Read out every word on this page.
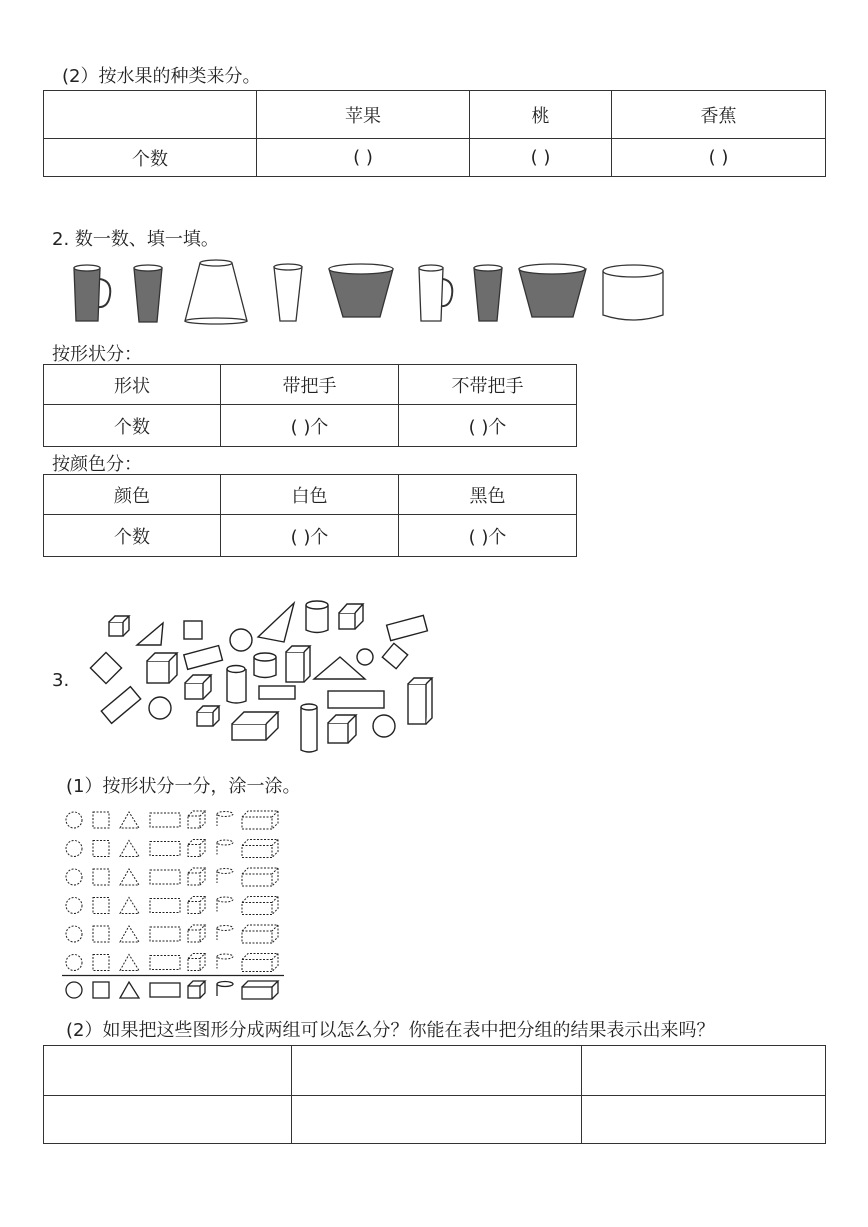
(2）按水果的种类来分。
	苹果	桃	香蕉
个数	( )	( )	( )
2. 数一数、填一填。
按形状分：
形状	带把手	不带把手
个数	( )个	( )个
按颜色分：
颜色	白色	黑色
个数	( )个	( )个
3.
(1）按形状分一分，涂一涂。
(2）如果把这些图形分成两组可以怎么分？你能在表中把分组的结果表示出来吗？
